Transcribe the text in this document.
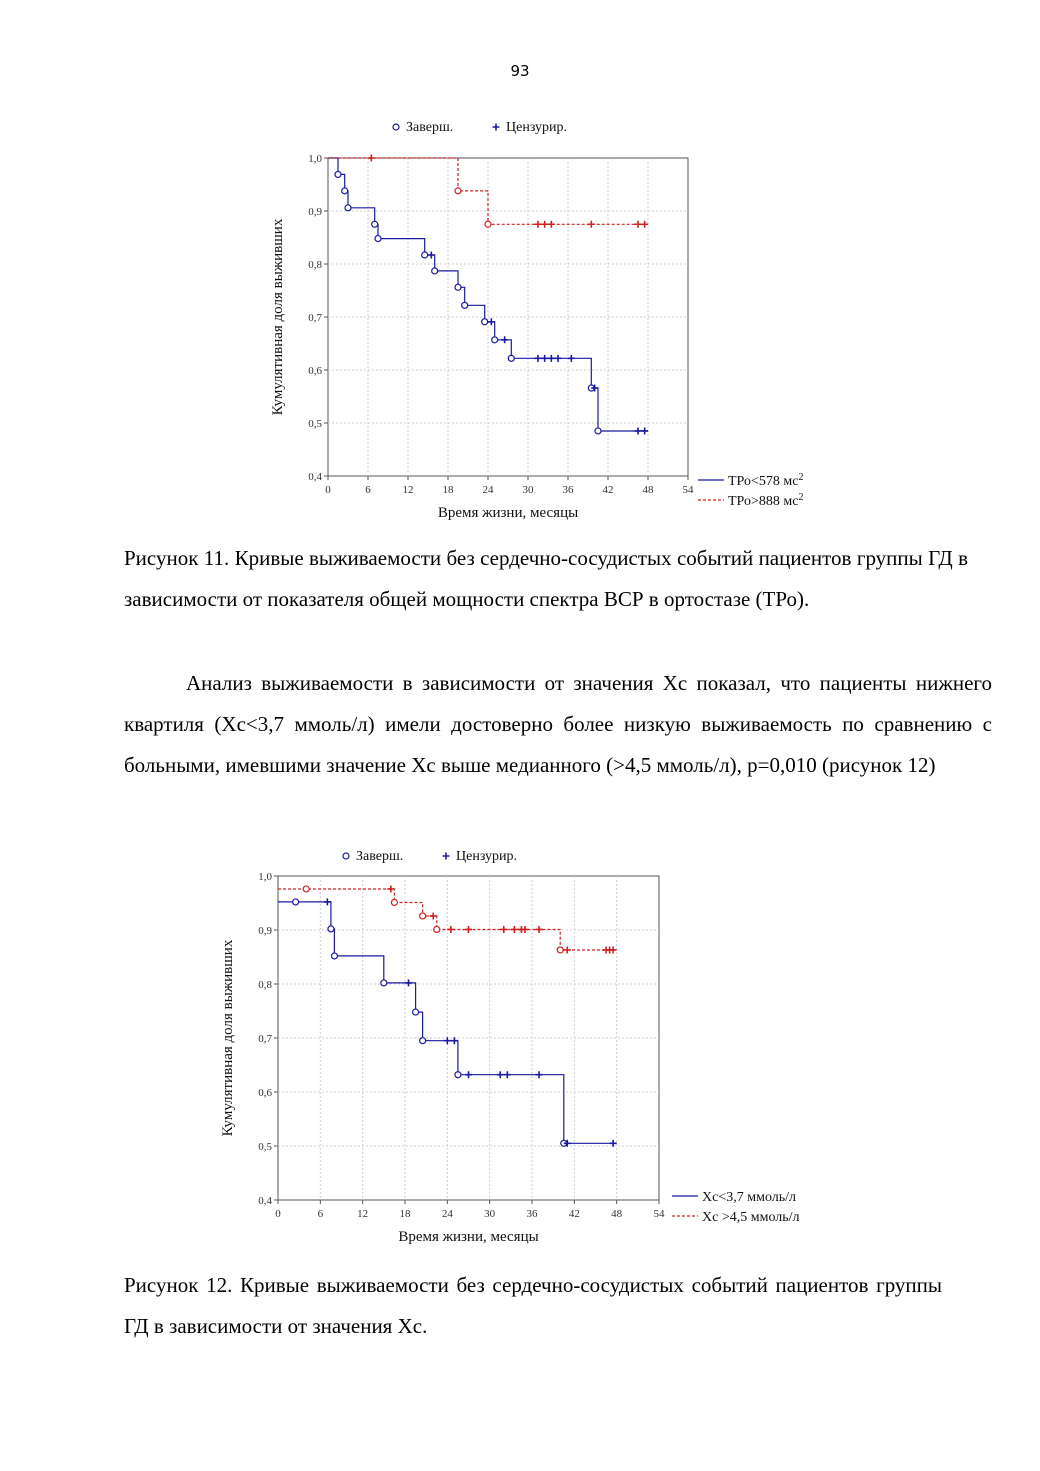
93
0	6	12	18	24	30	36	42	48	54
0,4
0,5
0,6
0,7
0,8
0,9
1,0
Время жизни, месяцы
Кумулятивная доля выживших
Заверш.	Цензурир.
ТРо<578 $мс^2$
ТРо>888 $мс^2$

Рисунок 11. Кривые выживаемости без сердечно-сосудистых событий пациентов группы ГД в зависимости от показателя общей мощности спектра ВСР в ортостазе (ТРо).

Анализ выживаемости в зависимости от значения Хс показал, что пациенты нижнего квартиля (Хс<3,7 ммоль/л) имели достоверно более низкую выживаемость по сравнению с больными, имевшими значение Хс выше медианного (>4,5 ммоль/л), p=0,010 (рисунок 12)

0	6	12	18	24	30	36	42	48	54
0,4
0,5
0,6
0,7
0,8
0,9
1,0
Время жизни, месяцы
Кумулятивная доля выживших
Заверш.	Цензурир.
Хс<3,7 ммоль/л
Хс >4,5 ммоль/л

Рисунок 12. Кривые выживаемости без сердечно-сосудистых событий пациентов группы ГД в зависимости от значения Хс.
